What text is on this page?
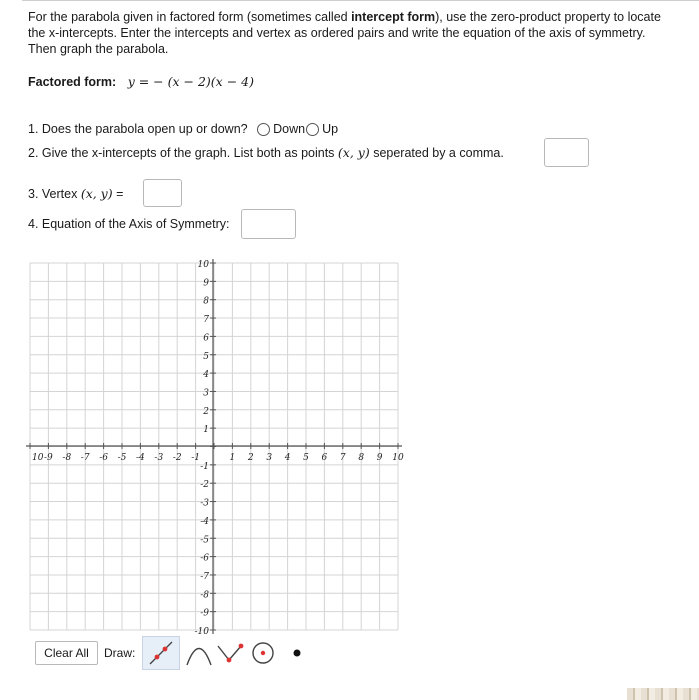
For the parabola given in factored form (sometimes called intercept form), use the zero-product property to locate the x-intercepts. Enter the intercepts and vertex as ordered pairs and write the equation of the axis of symmetry. Then graph the parabola.
Factored form: y = − (x − 2)(x − 4)
1. Does the parabola open up or down? Down Up
2. Give the x-intercepts of the graph. List both as points (x, y) seperated by a comma.
3. Vertex (x, y) =
4. Equation of the Axis of Symmetry:
10 -9 -8 -7 -6 -5 -4 -3 -2 -1	1 2 3 4 5 6 7 8 9 10
10
9
8
7
6
5
4
3
2
1
-1
-2
-3
-4
-5
-6
-7
-8
-9
-10
Clear All	Draw:
